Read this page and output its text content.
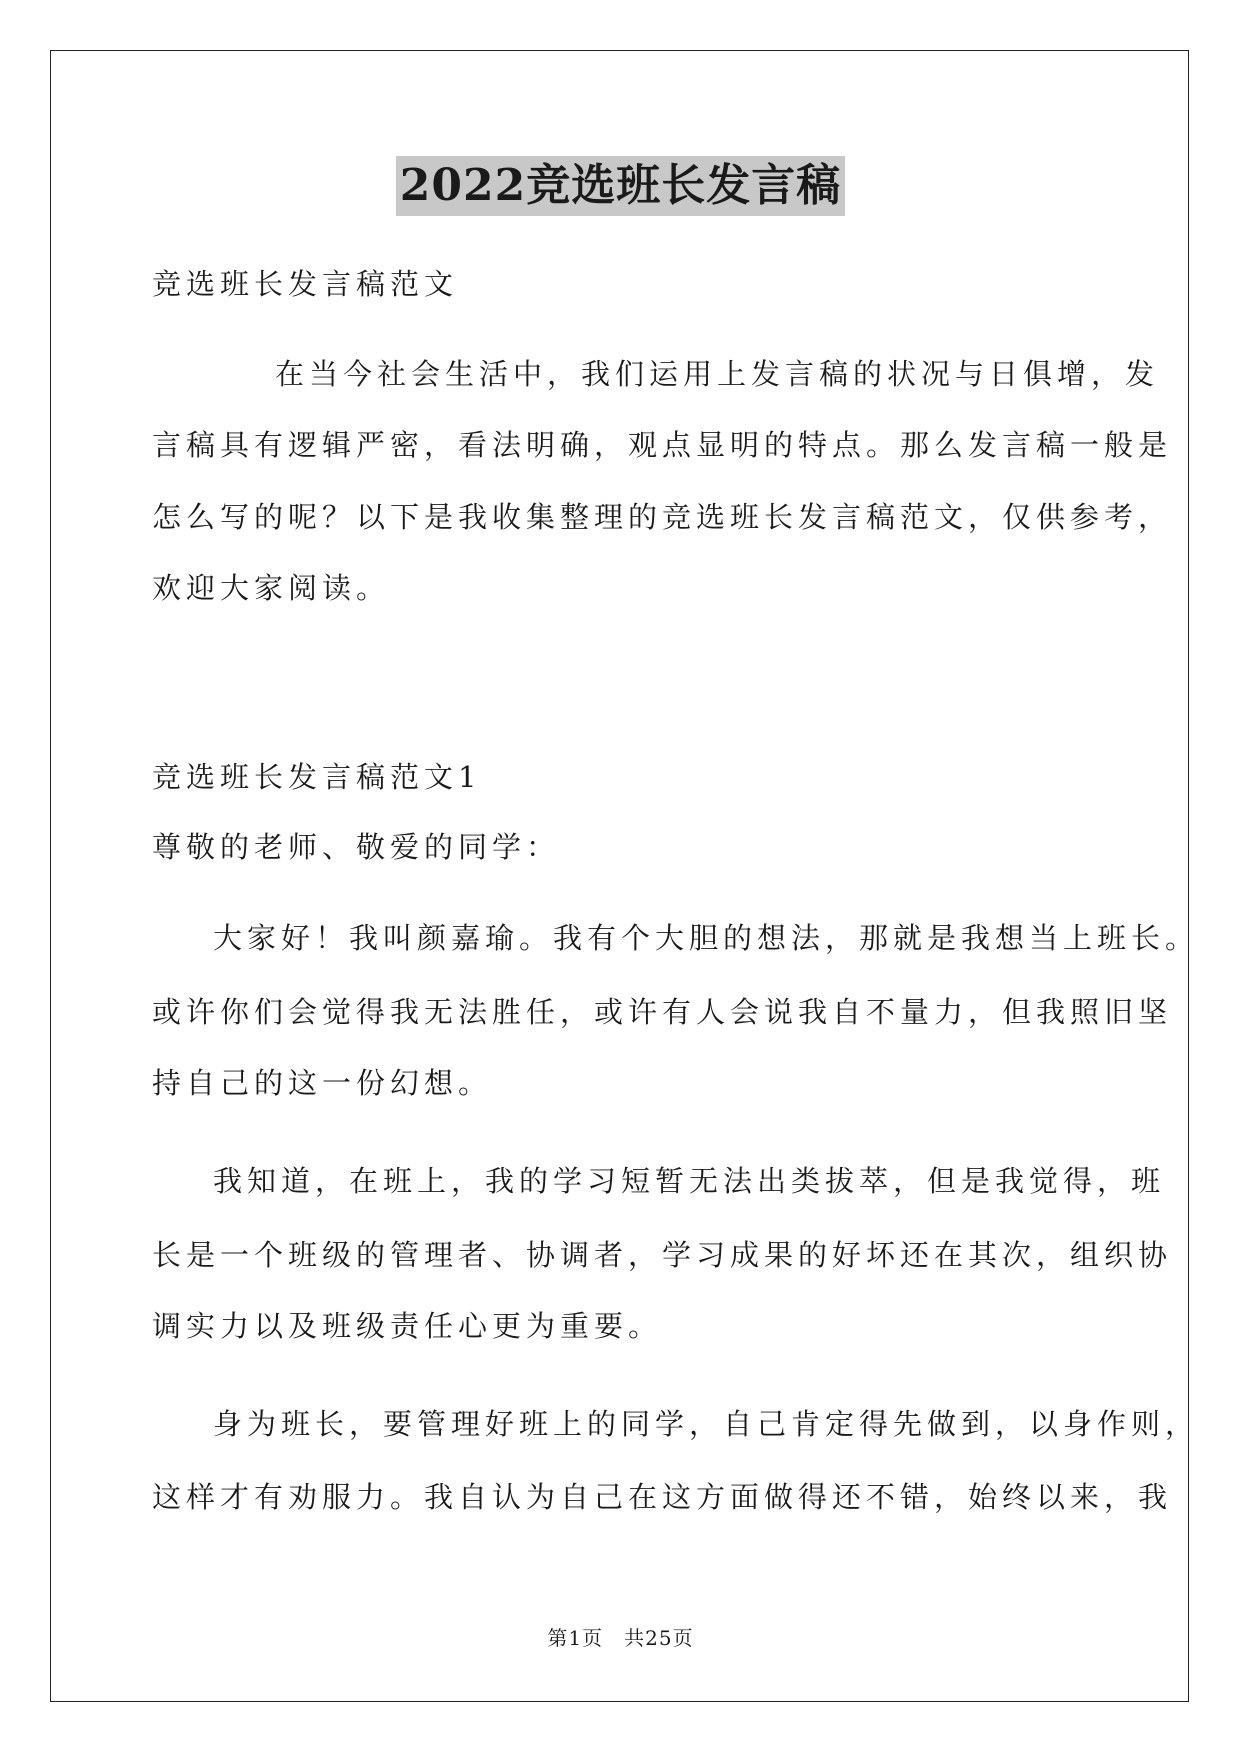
2022竞选班长发言稿
竞选班长发言稿范文
在当今社会生活中，我们运用上发言稿的状况与日俱增，发
言稿具有逻辑严密，看法明确，观点显明的特点。那么发言稿一般是
怎么写的呢？以下是我收集整理的竞选班长发言稿范文，仅供参考，
欢迎大家阅读。
竞选班长发言稿范文1
尊敬的老师、敬爱的同学：
大家好！我叫颜嘉瑜。我有个大胆的想法，那就是我想当上班长。
或许你们会觉得我无法胜任，或许有人会说我自不量力，但我照旧坚
持自己的这一份幻想。
我知道，在班上，我的学习短暂无法出类拔萃，但是我觉得，班
长是一个班级的管理者、协调者，学习成果的好坏还在其次，组织协
调实力以及班级责任心更为重要。
身为班长，要管理好班上的同学，自己肯定得先做到，以身作则，
这样才有劝服力。我自认为自己在这方面做得还不错，始终以来，我
第1页　共25页
